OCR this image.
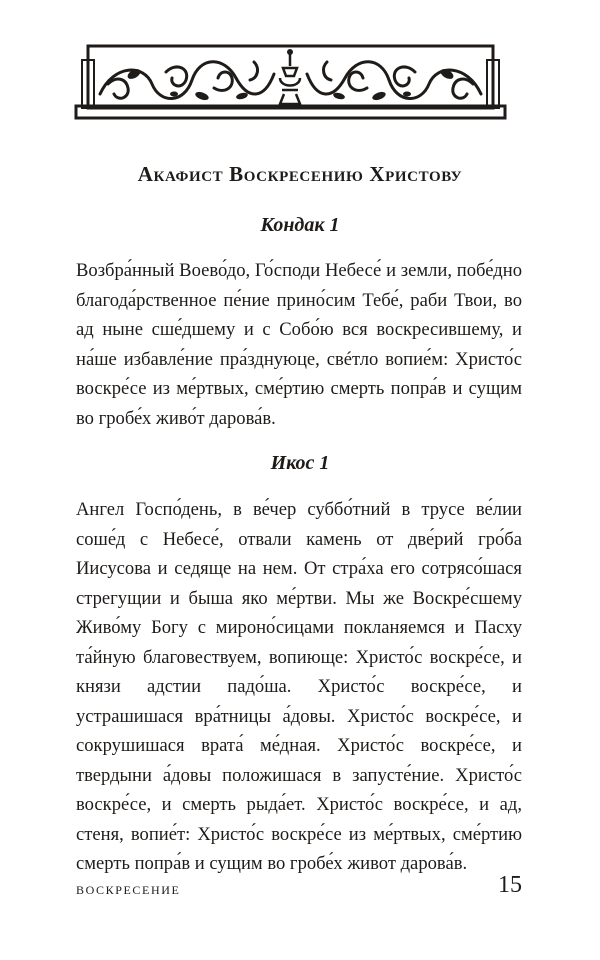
Акафист Воскресению Христову
Кондак 1

Возбра́нный Воево́до, Го́споди Небесе́ и земли, побе́дно благода́рственное пе́ние прино́сим Тебе́, раби Твои, во ад ныне сше́дшему и с Собо́ю вся воскресившему, и на́ше избавле́ние пра́зднуюце, свéтло вопие́м: Христо́с воскре́се из ме́ртвых, сме́ртию смерть попра́в и сущим во гробе́х живо́т дарова́в.

Икос 1

Ангел Госпо́день, в ве́чер суббо́тний в трусе ве́лии соше́д с Небесе́, отвали камень от две́рий гро́ба Иисусова и седяще на нем. От стра́ха его сотрясо́шася стрегущии и быша яко ме́ртви. Мы же Воскре́сшему Живо́му Богу с мироно́сицами покланяемся и Пасху та́йную благовествуем, вопиюще: Христо́с воскре́се, и князи адстии падо́ша. Христо́с воскре́се, и устрашишася вра́тницы а́довы. Христо́с воскре́се, и сокрушишася врата́ ме́дная. Христо́с воскре́се, и твердыни а́довы положишася в запусте́ние. Христо́с воскре́се, и смерть рыда́ет. Христо́с воскре́се, и ад, стеня, вопие́т: Христо́с воскре́се из ме́ртвых, сме́ртию смерть попра́в и сущим во гробе́х живот дарова́в.

ВОСКРЕСЕНИЕ	15
